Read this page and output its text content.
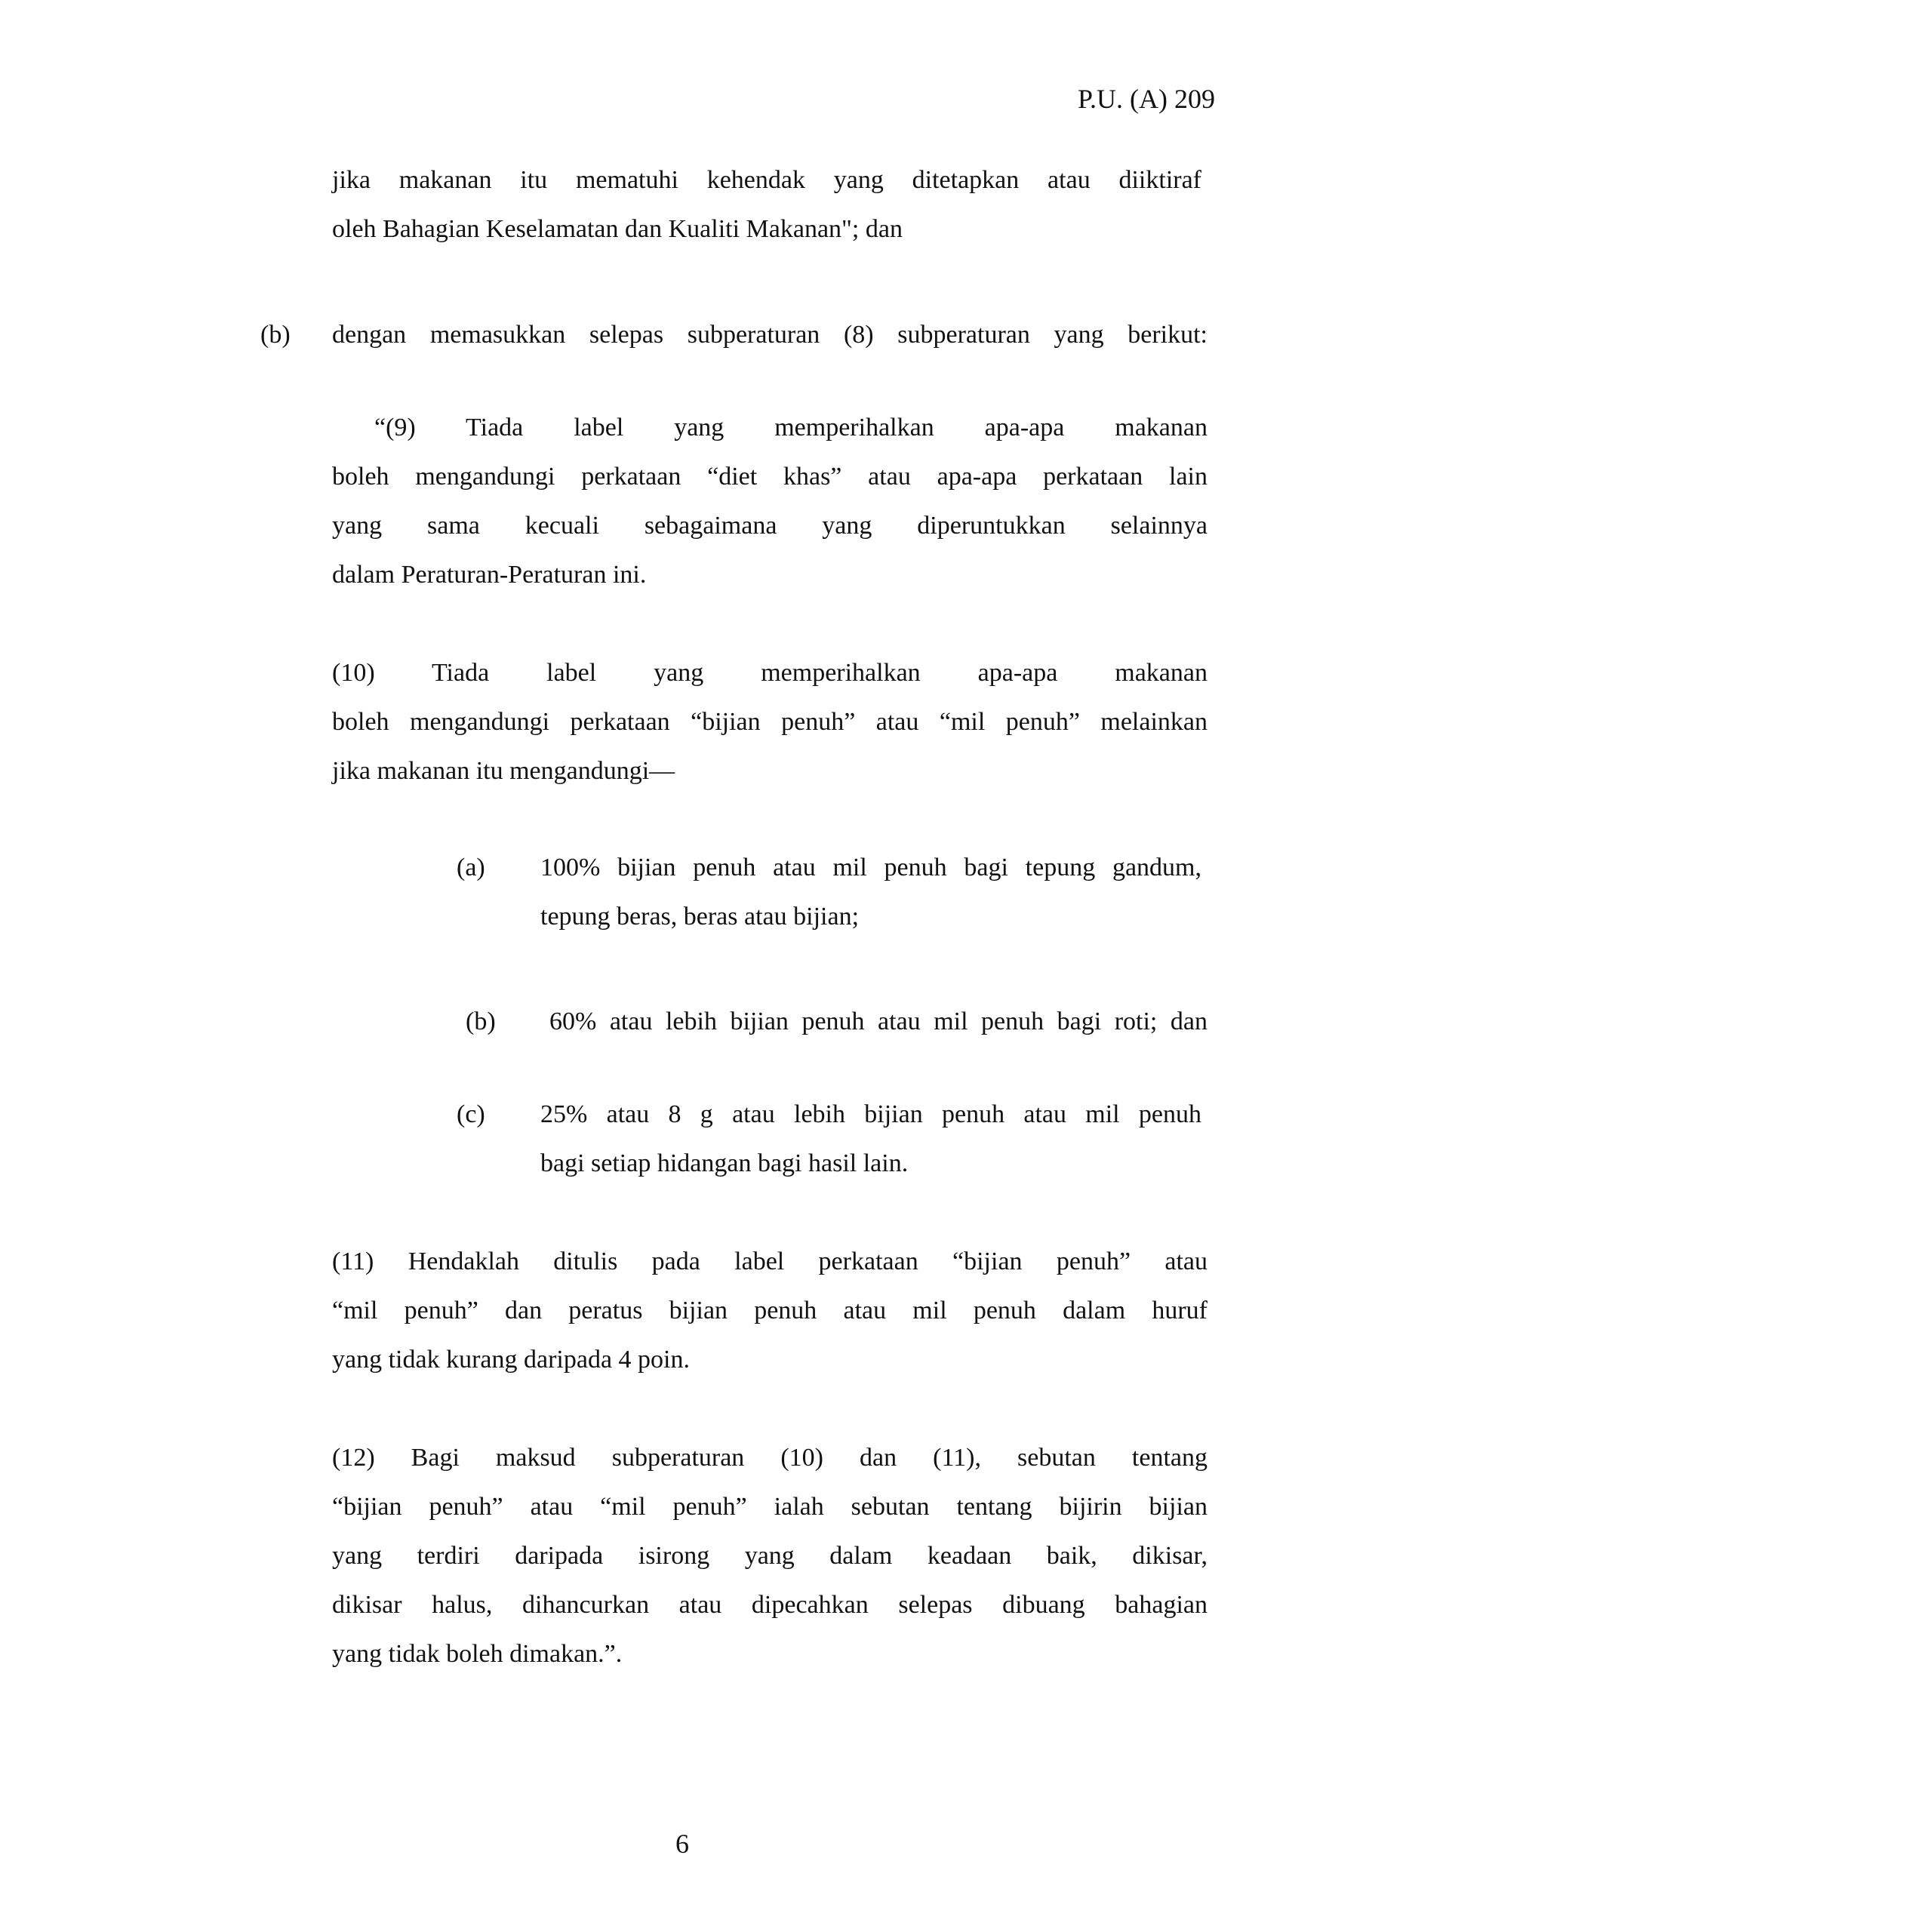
P.U. (A) 209
jika makanan itu mematuhi kehendak yang ditetapkan atau diiktiraf
oleh Bahagian Keselamatan dan Kualiti Makanan"; dan
(b) dengan memasukkan selepas subperaturan (8) subperaturan yang berikut:
“(9) Tiada label yang memperihalkan apa-apa makanan
boleh mengandungi perkataan “diet khas” atau apa-apa perkataan lain
yang sama kecuali sebagaimana yang diperuntukkan selainnya
dalam Peraturan-Peraturan ini.
(10) Tiada label yang memperihalkan apa-apa makanan
boleh mengandungi perkataan “bijian penuh” atau “mil penuh” melainkan
jika makanan itu mengandungi—
(a) 100% bijian penuh atau mil penuh bagi tepung gandum,
tepung beras, beras atau bijian;
(b) 60% atau lebih bijian penuh atau mil penuh bagi roti; dan
(c) 25% atau 8 g atau lebih bijian penuh atau mil penuh
bagi setiap hidangan bagi hasil lain.
(11) Hendaklah ditulis pada label perkataan “bijian penuh” atau
“mil penuh” dan peratus bijian penuh atau mil penuh dalam huruf
yang tidak kurang daripada 4 poin.
(12) Bagi maksud subperaturan (10) dan (11), sebutan tentang
“bijian penuh” atau “mil penuh” ialah sebutan tentang bijirin bijian
yang terdiri daripada isirong yang dalam keadaan baik, dikisar,
dikisar halus, dihancurkan atau dipecahkan selepas dibuang bahagian
yang tidak boleh dimakan.”.
6
